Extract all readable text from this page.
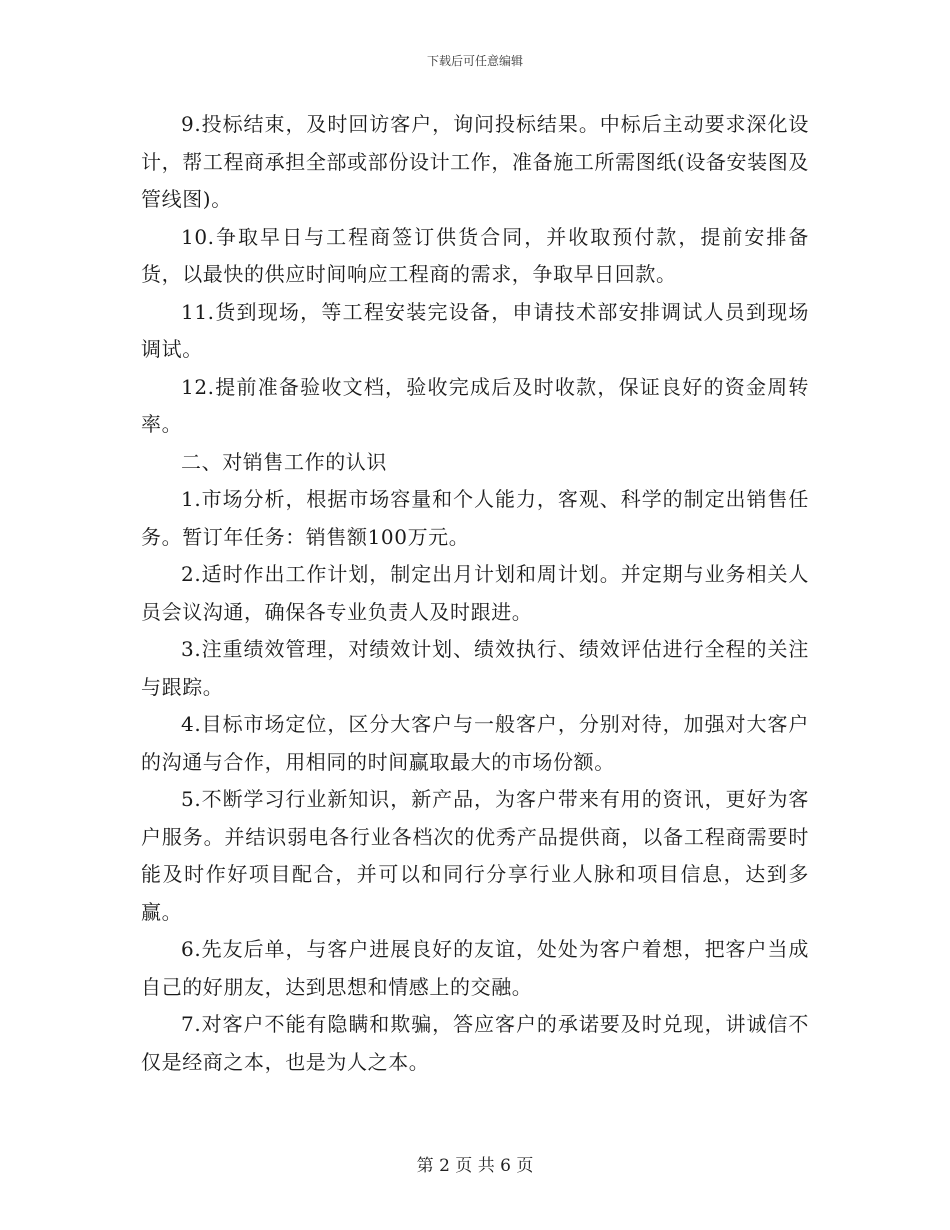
下载后可任意编辑

9.投标结束，及时回访客户，询问投标结果。中标后主动要求深化设计，帮工程商承担全部或部份设计工作，准备施工所需图纸(设备安装图及管线图)。

10.争取早日与工程商签订供货合同，并收取预付款，提前安排备货，以最快的供应时间响应工程商的需求，争取早日回款。

11.货到现场，等工程安装完设备，申请技术部安排调试人员到现场调试。

12.提前准备验收文档，验收完成后及时收款，保证良好的资金周转率。

二、对销售工作的认识

1.市场分析，根据市场容量和个人能力，客观、科学的制定出销售任务。暂订年任务：销售额100万元。

2.适时作出工作计划，制定出月计划和周计划。并定期与业务相关人员会议沟通，确保各专业负责人及时跟进。

3.注重绩效管理，对绩效计划、绩效执行、绩效评估进行全程的关注与跟踪。

4.目标市场定位，区分大客户与一般客户，分别对待，加强对大客户的沟通与合作，用相同的时间赢取最大的市场份额。

5.不断学习行业新知识，新产品，为客户带来有用的资讯，更好为客户服务。并结识弱电各行业各档次的优秀产品提供商，以备工程商需要时能及时作好项目配合，并可以和同行分享行业人脉和项目信息，达到多赢。

6.先友后单，与客户进展良好的友谊，处处为客户着想，把客户当成自己的好朋友，达到思想和情感上的交融。

7.对客户不能有隐瞒和欺骗，答应客户的承诺要及时兑现，讲诚信不仅是经商之本，也是为人之本。

第 2 页 共 6 页
